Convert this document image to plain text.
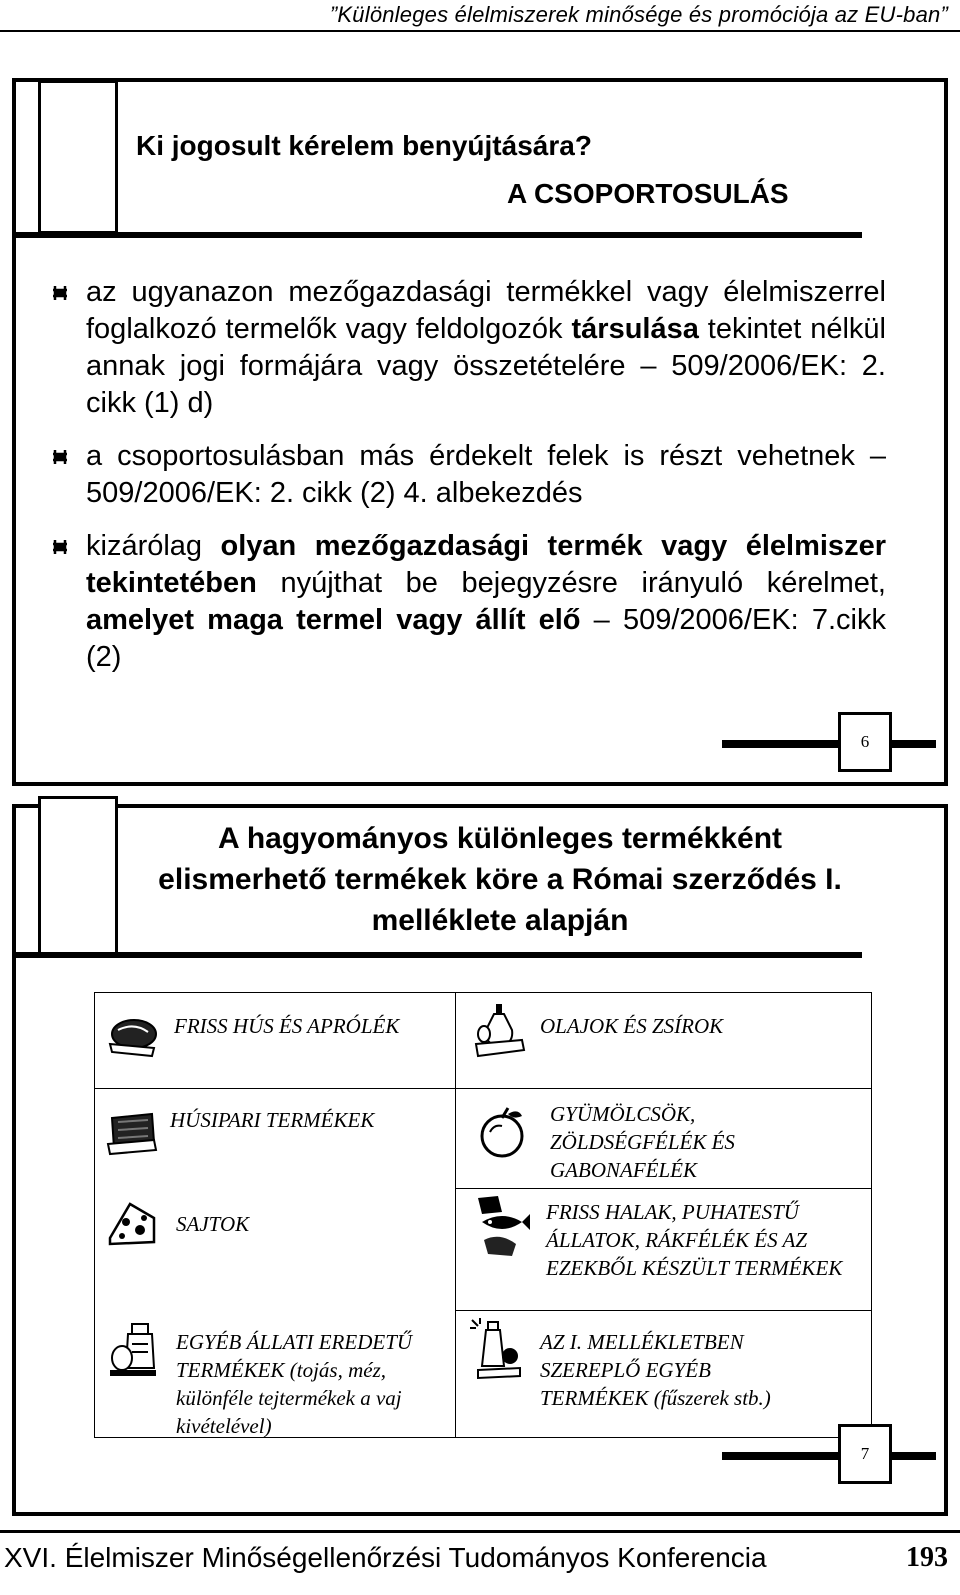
”Különleges élelmiszerek minősége és promóciója az EU-ban”
Ki jogosult kérelem benyújtására?
A CSOPORTOSULÁS
az ugyanazon mezőgazdasági termékkel vagy élelmiszerrel foglalkozó termelők vagy feldolgozók társulása tekintet nélkül annak jogi formájára vagy összetételére – 509/2006/EK: 2. cikk (1) d)
a csoportosulásban más érdekelt felek is részt vehetnek – 509/2006/EK: 2. cikk (2) 4. albekezdés
kizárólag olyan mezőgazdasági termék vagy élelmiszer tekintetében nyújthat be bejegyzésre irányuló kérelmet, amelyet maga termel vagy állít elő – 509/2006/EK: 7.cikk (2)
6
A hagyományos különleges termékként elismerhető termékek köre a Római szerződés I. melléklete alapján
FRISS HÚS ÉS APRÓLÉK
HÚSIPARI TERMÉKEK
SAJTOK
EGYÉB ÁLLATI EREDETŰ TERMÉKEK (tojás, méz, különféle tejtermékek a vaj kivételével)
OLAJOK ÉS ZSÍROK
GYÜMÖLCSÖK, ZÖLDSÉGFÉLÉK ÉS GABONAFÉLÉK
FRISS HALAK, PUHATESTŰ ÁLLATOK, RÁKFÉLÉK ÉS AZ EZEKBŐL KÉSZÜLT TERMÉKEK
AZ I. MELLÉKLETBEN SZEREPLŐ EGYÉB TERMÉKEK (fűszerek stb.)
7
XVI. Élelmiszer Minőségellenőrzési Tudományos Konferencia	193
